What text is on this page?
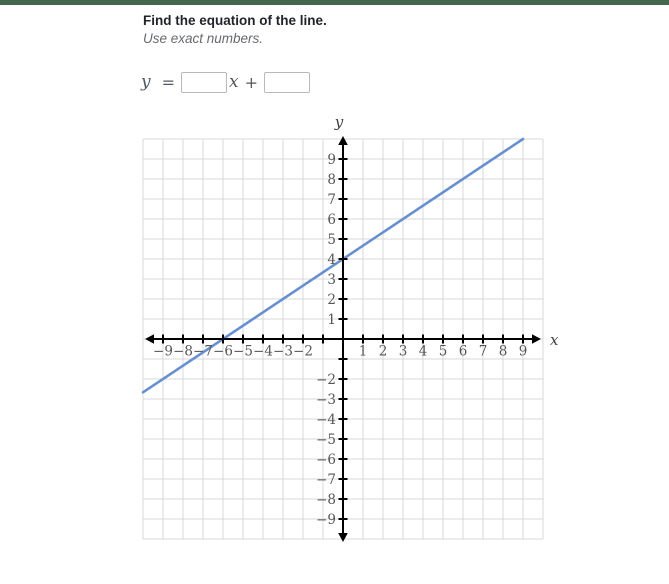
Find the equation of the line.
Use exact numbers.
y =	x +
−9 −8 −7 −6 −5 −4 −3 −2	1 2 3 4 5 6 7 8 9
9
8
7
6
5
4
3
2
1
−2
−3
−4
−5
−6
−7
−8
−9
x
y
